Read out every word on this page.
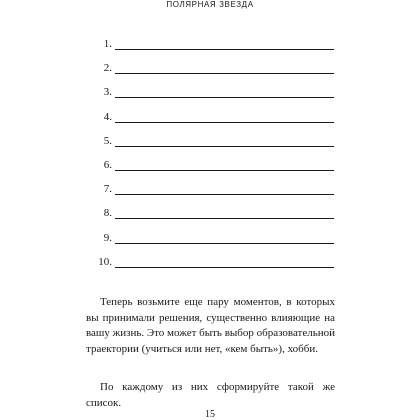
ПОЛЯРНАЯ ЗВЕЗДА
1.
2.
3.
4.
5.
6.
7.
8.
9.
10.

Теперь возьмите еще пару моментов, в которых вы принимали решения, существенно влияющие на вашу жизнь. Это может быть выбор образовательной траектории (учиться или нет, «кем быть»), хобби.

По каждому из них сформируйте такой же список.

15
